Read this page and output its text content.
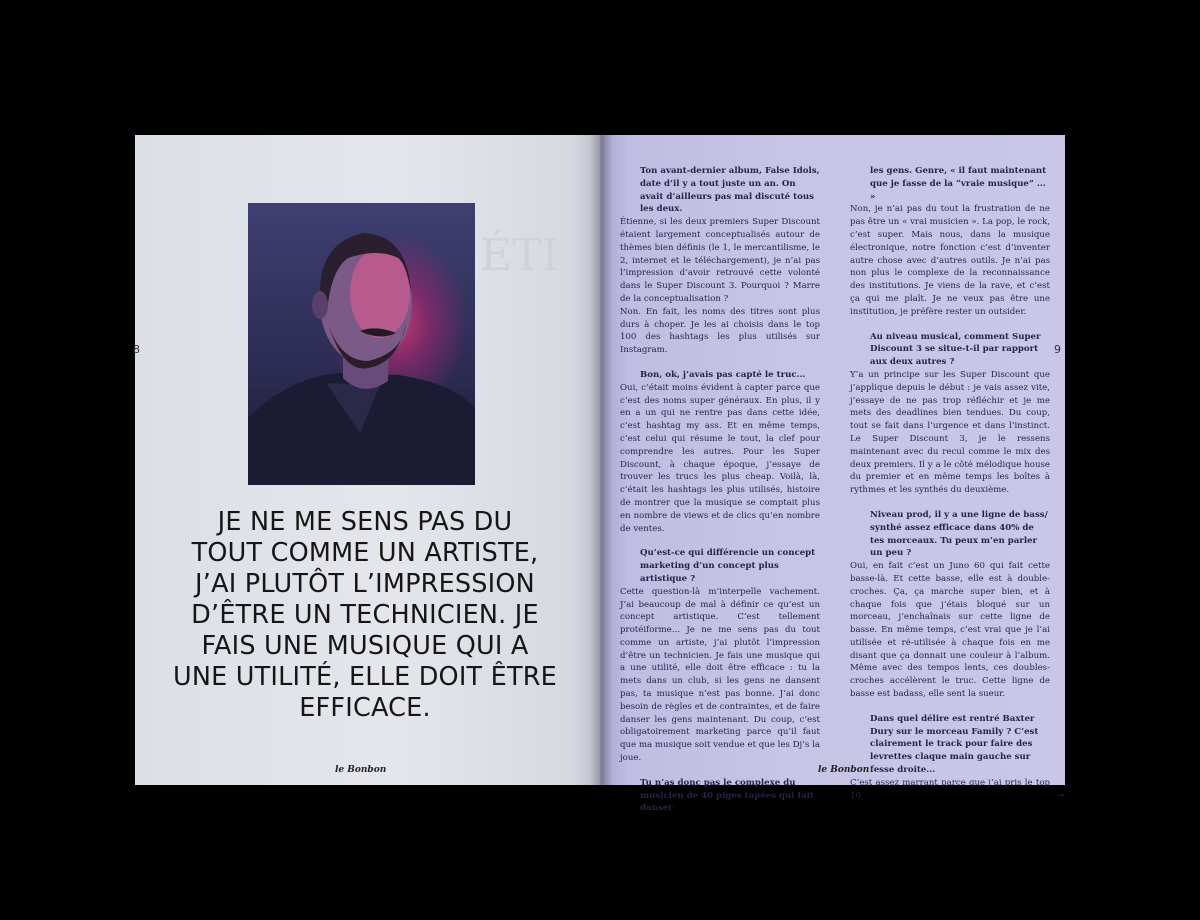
ÉTI
8
JE NE ME SENS PAS DU
TOUT COMME UN ARTISTE,
J’AI PLUTÔT L’IMPRESSION
D’ÊTRE UN TECHNICIEN. JE
FAIS UNE MUSIQUE QUI A
UNE UTILITÉ, ELLE DOIT ÊTRE
EFFICACE.
le Bonbon
9
Ton avant-dernier album, False Idols, date d’il y a tout juste un an. On avait d’ailleurs pas mal discuté tous les deux.
Étienne, si les deux premiers Super Discount étaient largement conceptualisés autour de thèmes bien définis (le 1, le mercantilisme, le 2, internet et le téléchargement), je n’ai pas l’impression d’avoir retrouvé cette volonté dans le Super Discount 3. Pourquoi ? Marre de la conceptualisation ?
Non. En fait, les noms des titres sont plus durs à choper. Je les ai choisis dans le top 100 des hashtags les plus utilisés sur Instagram.
Bon, ok, j’avais pas capté le truc...
Oui, c’était moins évident à capter parce que c’est des noms super généraux. En plus, il y en a un qui ne rentre pas dans cette idée, c’est hashtag my ass. Et en même temps, c’est celui qui résume le tout, la clef pour comprendre les autres. Pour les Super Discount, à chaque époque, j’essaye de trouver les trucs les plus cheap. Voilà, là, c’était les hashtags les plus utilisés, histoire de montrer que la musique se comptait plus en nombre de views et de clics qu’en nombre de ventes.
Qu’est-ce qui différencie un concept marketing d’un concept plus artistique ?
Cette question-là m’interpelle vachement. J’ai beaucoup de mal à définir ce qu’est un concept artistique. C’est tellement protéiforme... Je ne me sens pas du tout comme un artiste, j’ai plutôt l’impression d’être un technicien. Je fais une musique qui a une utilité, elle doit être efficace : tu la mets dans un club, si les gens ne dansent pas, ta musique n’est pas bonne. J’ai donc besoin de règles et de contraintes, et de faire danser les gens maintenant. Du coup, c’est obligatoirement marketing parce qu’il faut que ma musique soit vendue et que les Dj’s la joue.
Tu n’as donc pas le complexe du musicien de 40 piges tapées qui fait danser
les gens. Genre, « il faut maintenant que je fasse de la “vraie musique” ... »
Non, je n’ai pas du tout la frustration de ne pas être un « vrai musicien ». La pop, le rock, c’est super. Mais nous, dans la musique électronique, notre fonction c’est d’inventer autre chose avec d’autres outils. Je n’ai pas non plus le complexe de la reconnaissance des institutions. Je viens de la rave, et c’est ça qui me plaît. Je ne veux pas être une institution, je préfère rester un outsider.
Au niveau musical, comment Super Discount 3 se situe-t-il par rapport aux deux autres ?
Y’a un principe sur les Super Discount que j’applique depuis le début : je vais assez vite, j’essaye de ne pas trop réfléchir et je me mets des deadlines bien tendues. Du coup, tout se fait dans l’urgence et dans l’instinct. Le Super Discount 3, je le ressens maintenant avec du recul comme le mix des deux premiers. Il y a le côté mélodique house du premier et en même temps les boîtes à rythmes et les synthés du deuxième.
Niveau prod, il y a une ligne de bass/ synthé assez efficace dans 40% de tes morceaux. Tu peux m’en parler un peu ?
Oui, en fait c’est un Juno 60 qui fait cette basse-là. Et cette basse, elle est à double-croches. Ça, ça marche super bien, et à chaque fois que j’étais bloqué sur un morceau, j’enchaînais sur cette ligne de basse. En même temps, c’est vrai que je l’ai utilisée et ré-utilisée à chaque fois en me disant que ça donnait une couleur à l’album. Même avec des tempos lents, ces doubles-croches accélèrent le truc. Cette ligne de basse est badass, elle sent la sueur.
Dans quel délire est rentré Baxter Dury sur le morceau Family ? C’est clairement le track pour faire des levrettes claque main gauche sur fesse droite...
C’est assez marrant parce que j’ai pris le top 10	→
le Bonbon
